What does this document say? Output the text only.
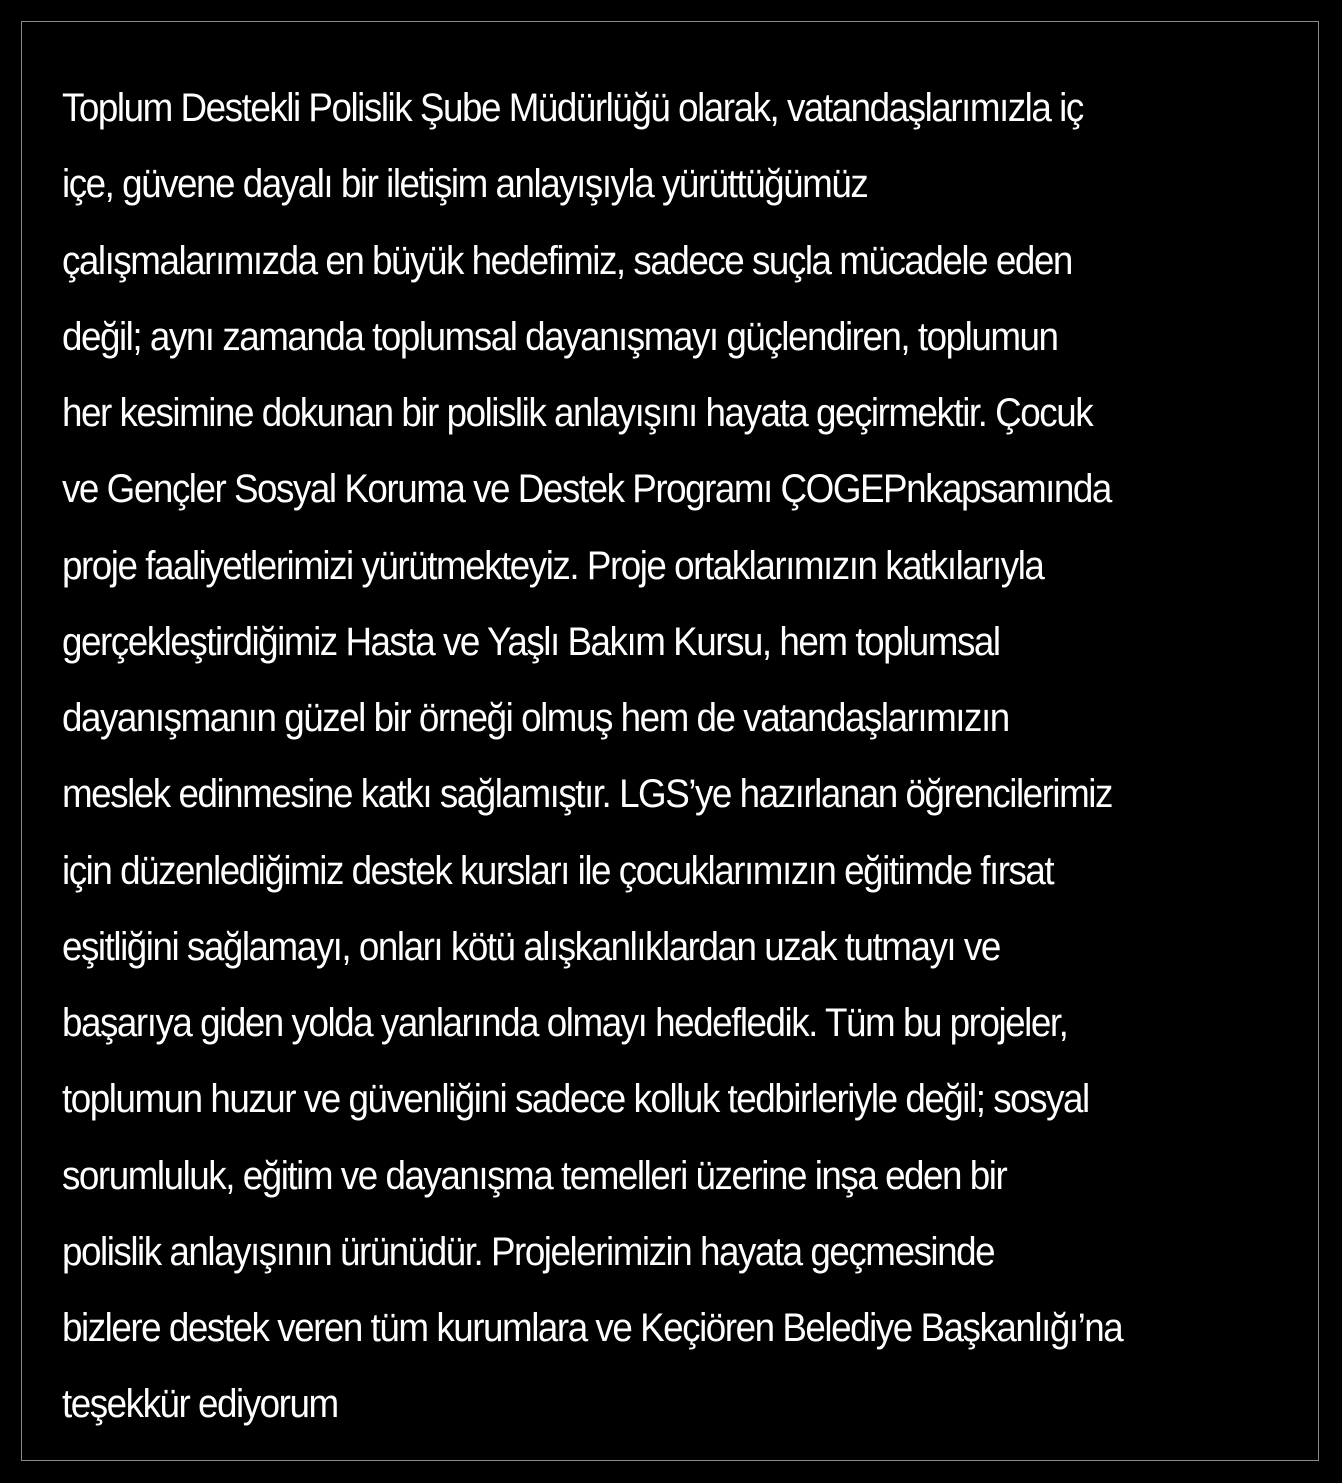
Toplum Destekli Polislik Şube Müdürlüğü olarak, vatandaşlarımızla iç
içe, güvene dayalı bir iletişim anlayışıyla yürüttüğümüz
çalışmalarımızda en büyük hedefimiz, sadece suçla mücadele eden
değil; aynı zamanda toplumsal dayanışmayı güçlendiren, toplumun
her kesimine dokunan bir polislik anlayışını hayata geçirmektir. Çocuk
ve Gençler Sosyal Koruma ve Destek Programı ÇOGEPnkapsamında
proje faaliyetlerimizi yürütmekteyiz. Proje ortaklarımızın katkılarıyla
gerçekleştirdiğimiz Hasta ve Yaşlı Bakım Kursu, hem toplumsal
dayanışmanın güzel bir örneği olmuş hem de vatandaşlarımızın
meslek edinmesine katkı sağlamıştır. LGS’ye hazırlanan öğrencilerimiz
için düzenlediğimiz destek kursları ile çocuklarımızın eğitimde fırsat
eşitliğini sağlamayı, onları kötü alışkanlıklardan uzak tutmayı ve
başarıya giden yolda yanlarında olmayı hedefledik. Tüm bu projeler,
toplumun huzur ve güvenliğini sadece kolluk tedbirleriyle değil; sosyal
sorumluluk, eğitim ve dayanışma temelleri üzerine inşa eden bir
polislik anlayışının ürünüdür. Projelerimizin hayata geçmesinde
bizlere destek veren tüm kurumlara ve Keçiören Belediye Başkanlığı’na
teşekkür ediyorum
